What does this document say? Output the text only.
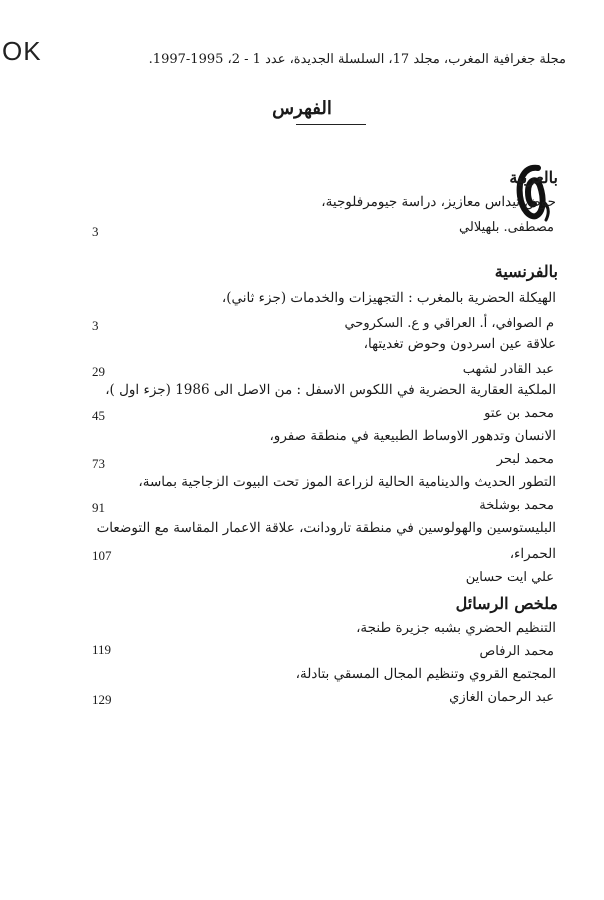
OK	مجلة جغرافية المغرب، مجلد 17، السلسلة الجديدة، عدد 1 - 2، 1995-1997.
الفهرس
بالعربية
حوض تيداس معازيز، دراسة جيومرفلوجية،
مصطفى. بلهيلالي
3
بالفرنسية
الهيكلة الحضرية بالمغرب : التجهيزات والخدمات (جزء ثاني)،
م الصوافي، أ. العراقي و ع. السكروحي
3
علاقة عين اسردون وحوض تغديتها،
عبد القادر لشهب
29
الملكية العقارية الحضرية في اللكوس الاسفل : من الاصل الى 1986 (جزء اول )،
محمد بن عتو
45
الانسان وتدهور الاوساط الطبيعية في منطقة صفرو،
محمد لبحر
73
التطور الحديث والدينامية الحالية لزراعة الموز تحت البيوت الزجاجية بماسة،
محمد بوشلخة
91
البليستوسين والهولوسين في منطقة تارودانت، علاقة الاعمار المقاسة مع التوضعات
الحمراء،
علي ايت حساين
107
ملخص الرسائل
التنظيم الحضري بشبه جزيرة طنجة،
محمد الرفاص
119
المجتمع القروي وتنظيم المجال المسقي بتادلة،
عبد الرحمان الغازي
129
